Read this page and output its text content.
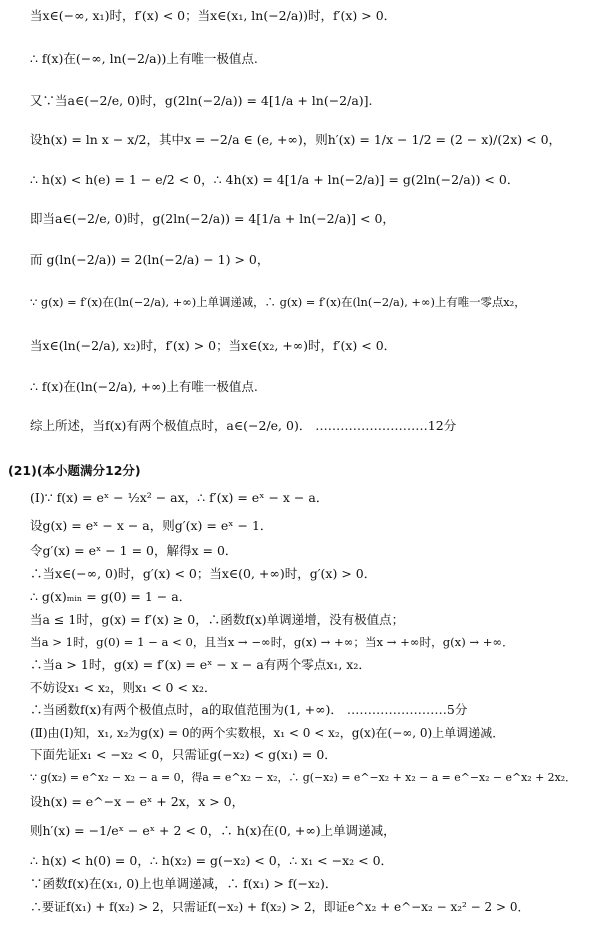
当x∈(−∞, x₁)时，f′(x) < 0；当x∈(x₁, ln(−2/a))时，f′(x) > 0．
∴ f(x)在(−∞, ln(−2/a))上有唯一极值点.
又∵当a∈(−2/e, 0)时，g(2ln(−2/a)) = 4[1/a + ln(−2/a)].
设h(x) = ln x − x/2，其中x = −2/a ∈ (e, +∞)，则h′(x) = 1/x − 1/2 = (2 − x)/(2x) < 0，
∴ h(x) < h(e) = 1 − e/2 < 0，∴ 4h(x) = 4[1/a + ln(−2/a)] = g(2ln(−2/a)) < 0．
即当a∈(−2/e, 0)时，g(2ln(−2/a)) = 4[1/a + ln(−2/a)] < 0，
而 g(ln(−2/a)) = 2(ln(−2/a) − 1) > 0，
∵ g(x) = f′(x)在(ln(−2/a), +∞)上单调递减，∴ g(x) = f′(x)在(ln(−2/a), +∞)上有唯一零点x₂，
当x∈(ln(−2/a), x₂)时，f′(x) > 0；当x∈(x₂, +∞)时，f′(x) < 0．
∴ f(x)在(ln(−2/a), +∞)上有唯一极值点.
综上所述，当f(x)有两个极值点时，a∈(−2/e, 0)． ………………………12分
(21)(本小题满分12分)
(Ⅰ)∵ f(x) = eˣ − ½x² − ax，∴ f′(x) = eˣ − x − a．
设g(x) = eˣ − x − a，则g′(x) = eˣ − 1．
令g′(x) = eˣ − 1 = 0，解得x = 0．
∴当x∈(−∞, 0)时，g′(x) < 0；当x∈(0, +∞)时，g′(x) > 0．
∴ g(x)ₘᵢₙ = g(0) = 1 − a．
当a ≤ 1时，g(x) = f′(x) ≥ 0，∴函数f(x)单调递增，没有极值点；
当a > 1时，g(0) = 1 − a < 0，且当x → −∞时，g(x) → +∞；当x → +∞时，g(x) → +∞．
∴当a > 1时，g(x) = f′(x) = eˣ − x − a有两个零点x₁, x₂．
不妨设x₁ < x₂，则x₁ < 0 < x₂．
∴当函数f(x)有两个极值点时，a的取值范围为(1, +∞)． ……………………5分
(Ⅱ)由(Ⅰ)知，x₁, x₂为g(x) = 0的两个实数根，x₁ < 0 < x₂，g(x)在(−∞, 0)上单调递减．
下面先证x₁ < −x₂ < 0，只需证g(−x₂) < g(x₁) = 0．
∵ g(x₂) = e^x₂ − x₂ − a = 0，得a = e^x₂ − x₂，∴ g(−x₂) = e^−x₂ + x₂ − a = e^−x₂ − e^x₂ + 2x₂．
设h(x) = e^−x − eˣ + 2x，x > 0，
则h′(x) = −1/eˣ − eˣ + 2 < 0，∴ h(x)在(0, +∞)上单调递减，
∴ h(x) < h(0) = 0，∴ h(x₂) = g(−x₂) < 0，∴ x₁ < −x₂ < 0．
∵函数f(x)在(x₁, 0)上也单调递减，∴ f(x₁) > f(−x₂)．
∴要证f(x₁) + f(x₂) > 2，只需证f(−x₂) + f(x₂) > 2，即证e^x₂ + e^−x₂ − x₂² − 2 > 0．
